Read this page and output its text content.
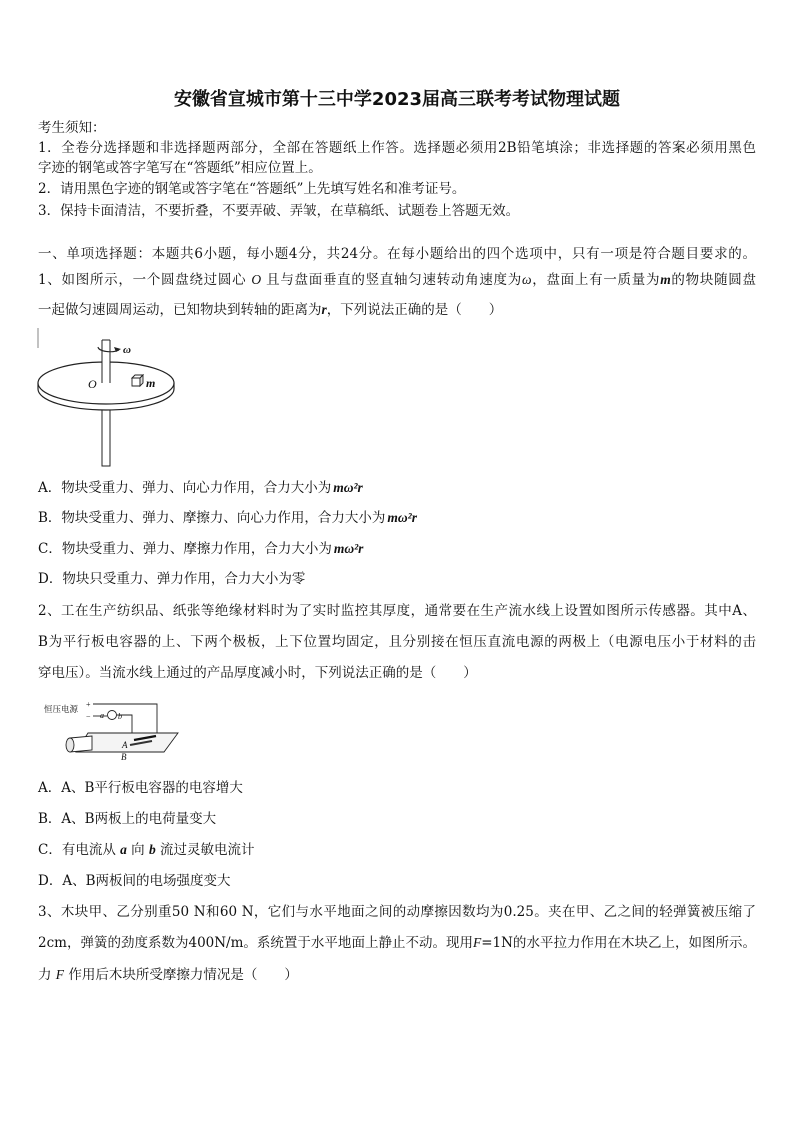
安徽省宣城市第十三中学2023届高三联考考试物理试题
考生须知：
1．全卷分选择题和非选择题两部分，全部在答题纸上作答。选择题必须用2B铅笔填涂；非选择题的答案必须用黑色
字迹的钢笔或答字笔写在“答题纸”相应位置上。
2．请用黑色字迹的钢笔或答字笔在“答题纸”上先填写姓名和准考证号。
3．保持卡面清洁，不要折叠，不要弄破、弄皱，在草稿纸、试题卷上答题无效。
一、单项选择题：本题共6小题，每小题4分，共24分。在每小题给出的四个选项中，只有一项是符合题目要求的。
1、如图所示，一个圆盘绕过圆心 O 且与盘面垂直的竖直轴匀速转动角速度为ω，盘面上有一质量为m的物块随圆盘
一起做匀速圆周运动，已知物块到转轴的距离为r，下列说法正确的是（　　）
ω
O	m
A．物块受重力、弹力、向心力作用，合力大小为 mω²r
B．物块受重力、弹力、摩擦力、向心力作用，合力大小为 mω²r
C．物块受重力、弹力、摩擦力作用，合力大小为 mω²r
D．物块只受重力、弹力作用，合力大小为零
2、工在生产纺织品、纸张等绝缘材料时为了实时监控其厚度，通常要在生产流水线上设置如图所示传感器。其中A、
B为平行板电容器的上、下两个极板，上下位置均固定，且分别接在恒压直流电源的两极上（电源电压小于材料的击
穿电压）。当流水线上通过的产品厚度减小时，下列说法正确的是（　　）
恒压电源 +
− a b
A
B
A．A、B平行板电容器的电容增大
B．A、B两板上的电荷量变大
C．有电流从 a 向 b 流过灵敏电流计
D．A、B两板间的电场强度变大
3、木块甲、乙分别重50 N和60 N，它们与水平地面之间的动摩擦因数均为0.25。夹在甲、乙之间的轻弹簧被压缩了
2cm，弹簧的劲度系数为400N/m。系统置于水平地面上静止不动。现用F=1N的水平拉力作用在木块乙上，如图所示。
力 F 作用后木块所受摩擦力情况是（　　）
